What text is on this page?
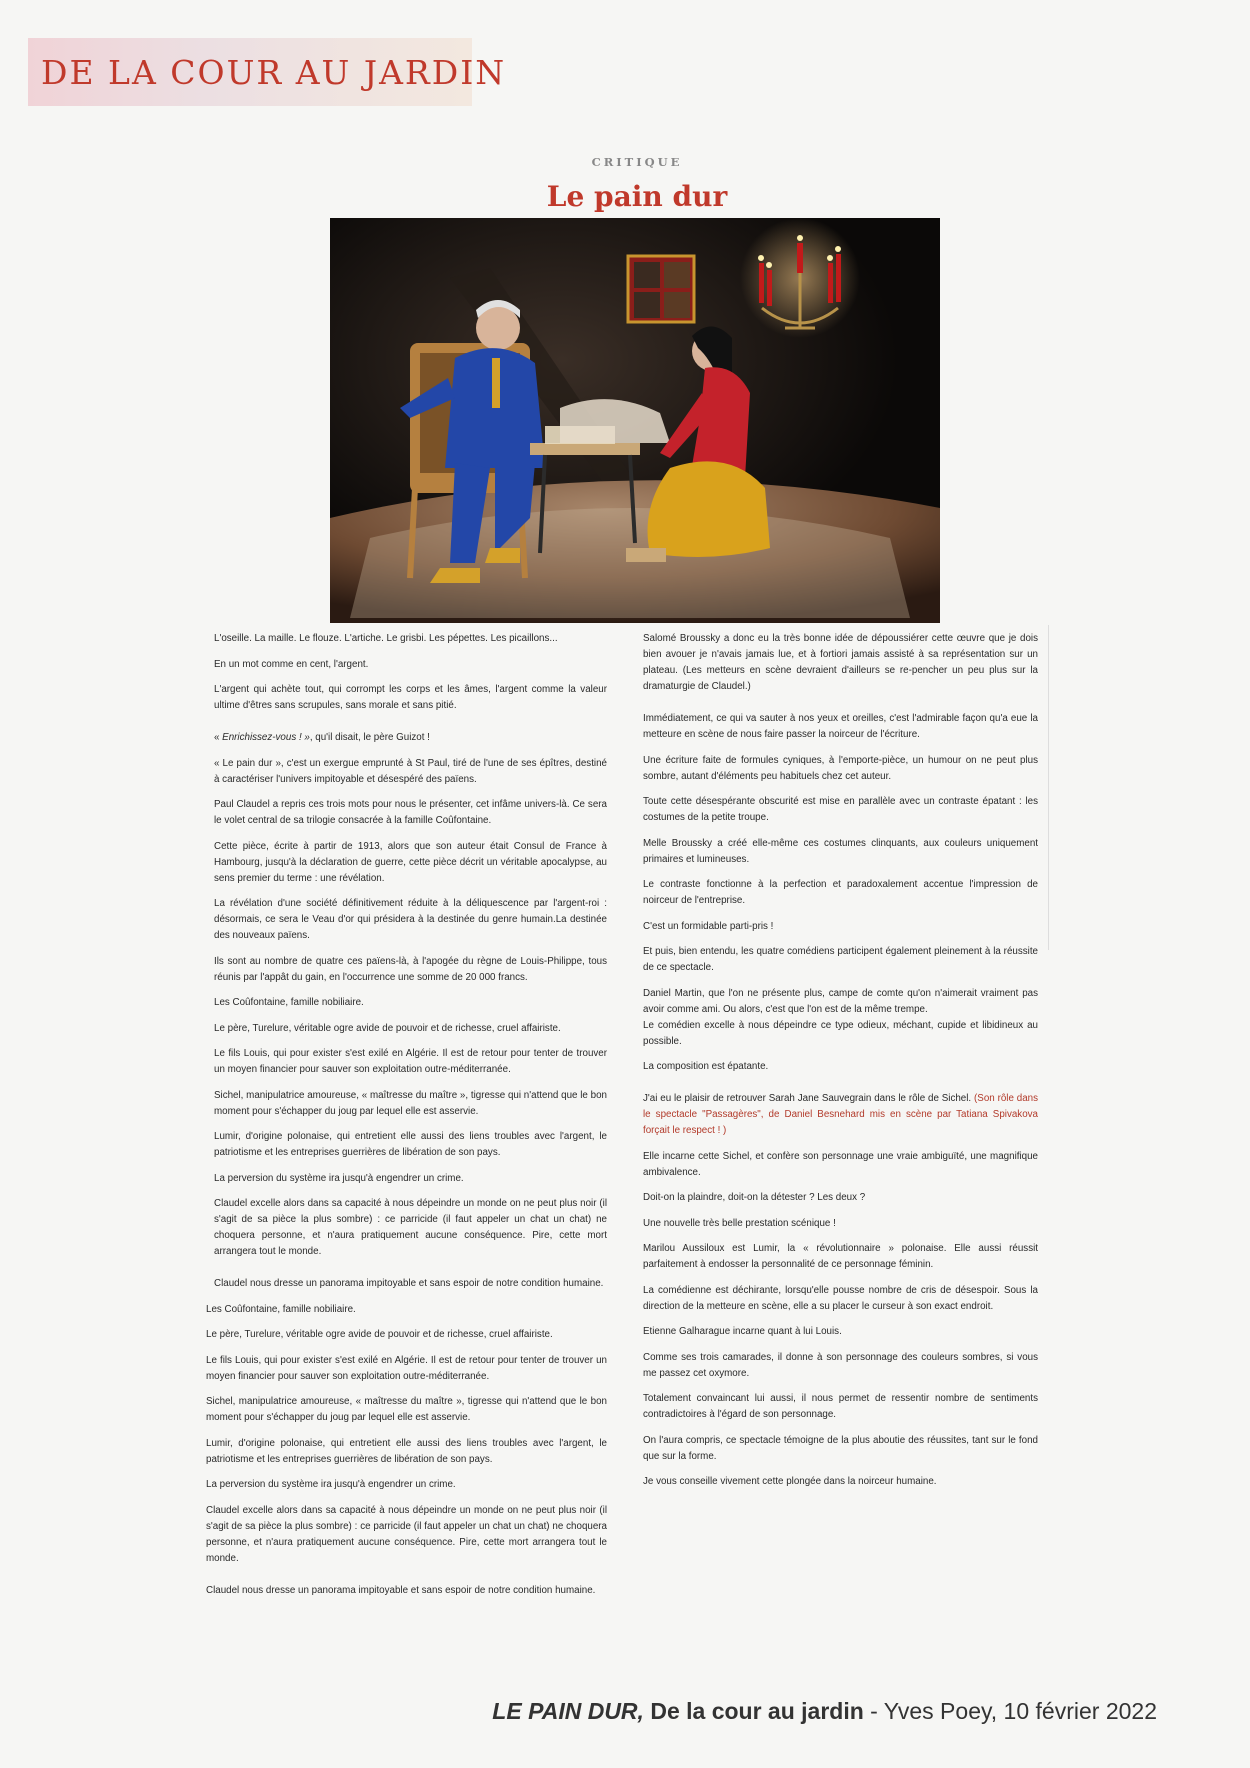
DE LA COUR AU JARDIN
CRITIQUE
Le pain dur

L'oseille. La maille. Le flouze. L'artiche. Le grisbi. Les pépettes. Les picaillons...

En un mot comme en cent, l'argent.

L'argent qui achète tout, qui corrompt les corps et les âmes, l'argent comme la valeur ultime d'êtres sans scrupules, sans morale et sans pitié.

« Enrichissez-vous ! », qu'il disait, le père Guizot !

« Le pain dur », c'est un exergue emprunté à St Paul, tiré de l'une de ses épîtres, destiné à caractériser l'univers impitoyable et désespéré des païens.

Paul Claudel a repris ces trois mots pour nous le présenter, cet infâme univers-là. Ce sera le volet central de sa trilogie consacrée à la famille Coûfontaine.

Cette pièce, écrite à partir de 1913, alors que son auteur était Consul de France à Hambourg, jusqu'à la déclaration de guerre, cette pièce décrit un véritable apocalypse, au sens premier du terme : une révélation.

La révélation d'une société définitivement réduite à la déliquescence par l'argent-roi : désormais, ce sera le Veau d'or qui présidera à la destinée du genre humain.La destinée des nouveaux païens.

Ils sont au nombre de quatre ces païens-là, à l'apogée du règne de Louis-Philippe, tous réunis par l'appât du gain, en l'occurrence une somme de 20 000 francs.

Les Coûfontaine, famille nobiliaire.

Le père, Turelure, véritable ogre avide de pouvoir et de richesse, cruel affairiste.

Le fils Louis, qui pour exister s'est exilé en Algérie. Il est de retour pour tenter de trouver un moyen financier pour sauver son exploitation outre-méditerranée.

Sichel, manipulatrice amoureuse, « maîtresse du maître », tigresse qui n'attend que le bon moment pour s'échapper du joug par lequel elle est asservie.

Lumir, d'origine polonaise, qui entretient elle aussi des liens troubles avec l'argent, le patriotisme et les entreprises guerrières de libération de son pays.

La perversion du système ira jusqu'à engendrer un crime.

Claudel excelle alors dans sa capacité à nous dépeindre un monde on ne peut plus noir (il s'agit de sa pièce la plus sombre) : ce parricide (il faut appeler un chat un chat) ne choquera personne, et n'aura pratiquement aucune conséquence. Pire, cette mort arrangera tout le monde.

Claudel nous dresse un panorama impitoyable et sans espoir de notre condition humaine.

Les Coûfontaine, famille nobiliaire.

Le père, Turelure, véritable ogre avide de pouvoir et de richesse, cruel affairiste.

Le fils Louis, qui pour exister s'est exilé en Algérie. Il est de retour pour tenter de trouver un moyen financier pour sauver son exploitation outre-méditerranée.

Sichel, manipulatrice amoureuse, « maîtresse du maître », tigresse qui n'attend que le bon moment pour s'échapper du joug par lequel elle est asservie.

Lumir, d'origine polonaise, qui entretient elle aussi des liens troubles avec l'argent, le patriotisme et les entreprises guerrières de libération de son pays.

La perversion du système ira jusqu'à engendrer un crime.

Claudel excelle alors dans sa capacité à nous dépeindre un monde on ne peut plus noir (il s'agit de sa pièce la plus sombre) : ce parricide (il faut appeler un chat un chat) ne choquera personne, et n'aura pratiquement aucune conséquence. Pire, cette mort arrangera tout le monde.

Claudel nous dresse un panorama impitoyable et sans espoir de notre condition humaine.

Salomé Broussky a donc eu la très bonne idée de dépoussiérer cette œuvre que je dois bien avouer je n'avais jamais lue, et à fortiori jamais assisté à sa représentation sur un plateau. (Les metteurs en scène devraient d'ailleurs se re-pencher un peu plus sur la dramaturgie de Claudel.)

Immédiatement, ce qui va sauter à nos yeux et oreilles, c'est l'admirable façon qu'a eue la metteure en scène de nous faire passer la noirceur de l'écriture.

Une écriture faite de formules cyniques, à l'emporte-pièce, un humour on ne peut plus sombre, autant d'éléments peu habituels chez cet auteur.

Toute cette désespérante obscurité est mise en parallèle avec un contraste épatant : les costumes de la petite troupe.

Melle Broussky a créé elle-même ces costumes clinquants, aux couleurs uniquement primaires et lumineuses.

Le contraste fonctionne à la perfection et paradoxalement accentue l'impression de noirceur de l'entreprise.

C'est un formidable parti-pris !

Et puis, bien entendu, les quatre comédiens participent également pleinement à la réussite de ce spectacle.

Daniel Martin, que l'on ne présente plus, campe de comte qu'on n'aimerait vraiment pas avoir comme ami. Ou alors, c'est que l'on est de la même trempe.

Le comédien excelle à nous dépeindre ce type odieux, méchant, cupide et libidineux au possible.

La composition est épatante.

J'ai eu le plaisir de retrouver Sarah Jane Sauvegrain dans le rôle de Sichel. (Son rôle dans le spectacle "Passagères", de Daniel Besnehard mis en scène par Tatiana Spivakova forçait le respect ! )

Elle incarne cette Sichel, et confère son personnage une vraie ambiguïté, une magnifique ambivalence.

Doit-on la plaindre, doit-on la détester ? Les deux ?

Une nouvelle très belle prestation scénique !

Marilou Aussiloux est Lumir, la « révolutionnaire » polonaise. Elle aussi réussit parfaitement à endosser la personnalité de ce personnage féminin.

La comédienne est déchirante, lorsqu'elle pousse nombre de cris de désespoir. Sous la direction de la metteure en scène, elle a su placer le curseur à son exact endroit.

Etienne Galharague incarne quant à lui Louis.

Comme ses trois camarades, il donne à son personnage des couleurs sombres, si vous me passez cet oxymore.

Totalement convaincant lui aussi, il nous permet de ressentir nombre de sentiments contradictoires à l'égard de son personnage.

On l'aura compris, ce spectacle témoigne de la plus aboutie des réussites, tant sur le fond que sur la forme.

Je vous conseille vivement cette plongée dans la noirceur humaine.

LE PAIN DUR, De la cour au jardin - Yves Poey, 10 février 2022
